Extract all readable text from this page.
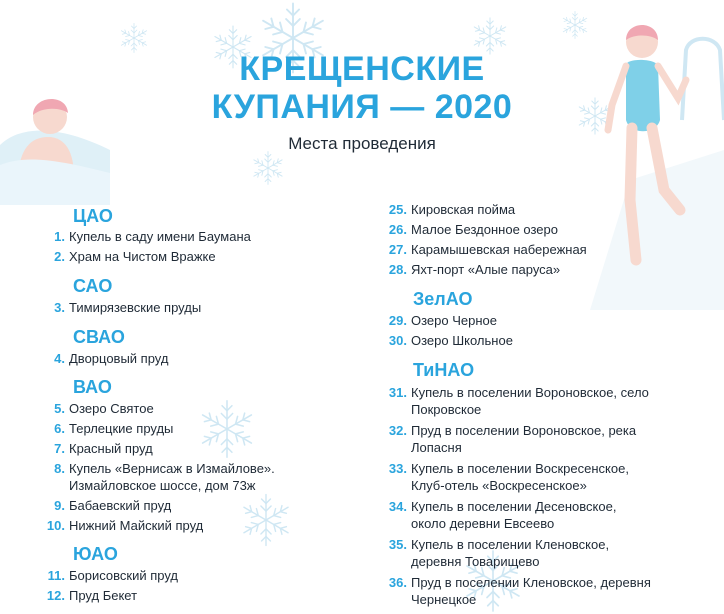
КРЕЩЕНСКИЕ
КУПАНИЯ — 2020
Места проведения
ЦАО
1. Купель в саду имени Баумана
2. Храм на Чистом Вражке
САО
3. Тимирязевские пруды
СВАО
4. Дворцовый пруд
ВАО
5. Озеро Святое
6. Терлецкие пруды
7. Красный пруд
8. Купель «Вернисаж в Измайлове». Измайловское шоссе, дом 73ж
9. Бабаевский пруд
10. Нижний Майский пруд
ЮАО
11. Борисовский пруд
12. Пруд Бекет
25. Кировская пойма
26. Малое Бездонное озеро
27. Карамышевская набережная
28. Яхт-порт «Алые паруса»
ЗелАО
29. Озеро Черное
30. Озеро Школьное
ТиНАО
31. Купель в поселении Вороновское, село Покровское
32. Пруд в поселении Вороновское, река Лопасня
33. Купель в поселении Воскресенское, Клуб-отель «Воскресенское»
34. Купель в поселении Десеновское, около деревни Евсеево
35. Купель в поселении Кленовское, деревня Товарищево
36. Пруд в поселении Кленовское, деревня Чернецкое
